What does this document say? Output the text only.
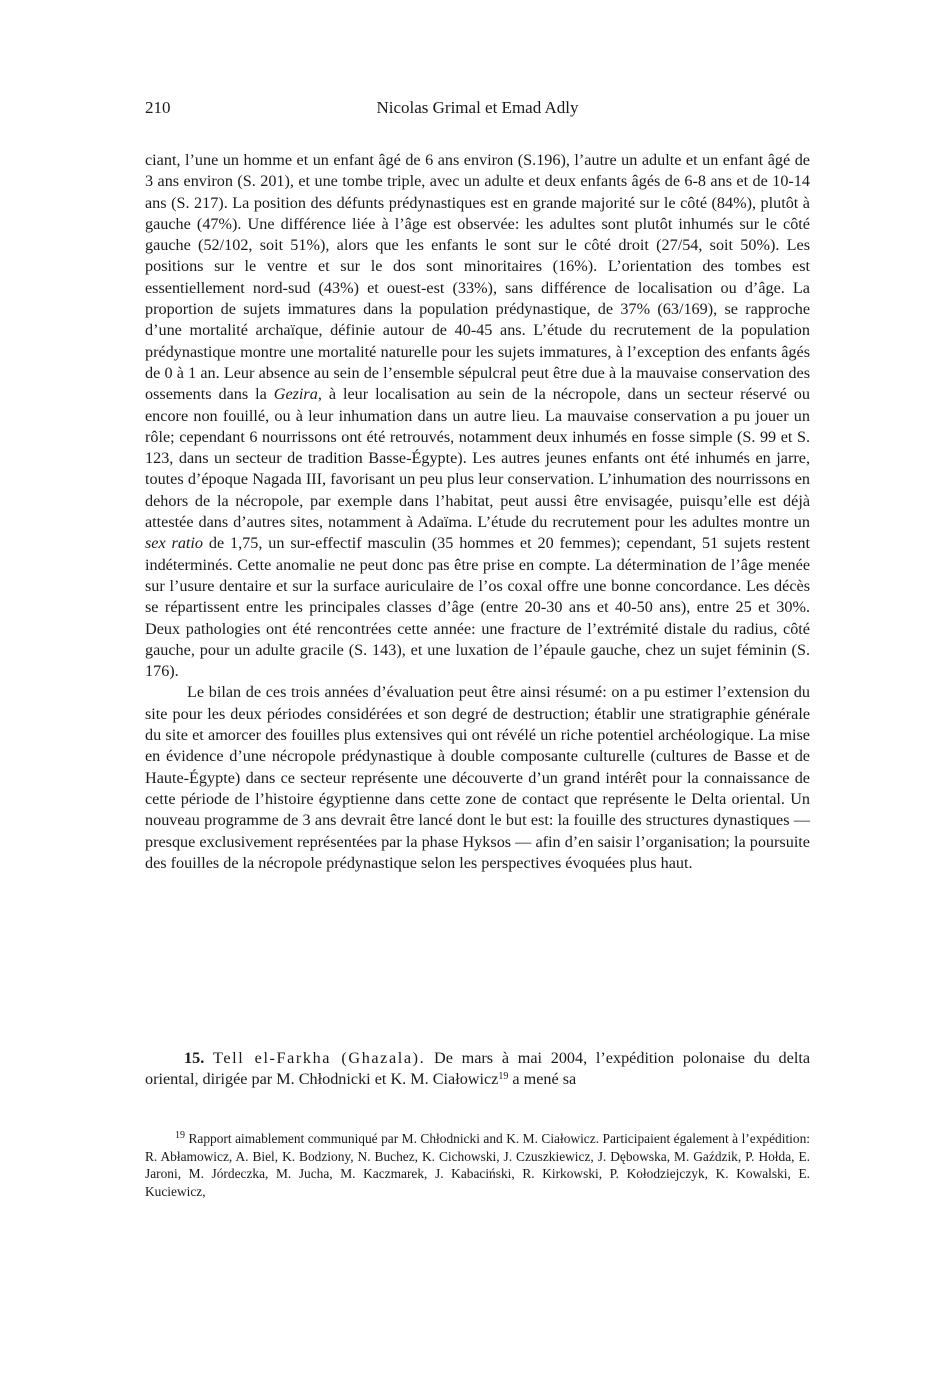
210	Nicolas Grimal et Emad Adly

ciant, l’une un homme et un enfant âgé de 6 ans environ (S.196), l’autre un adulte et un enfant âgé de 3 ans environ (S. 201), et une tombe triple, avec un adulte et deux enfants âgés de 6-8 ans et de 10-14 ans (S. 217). La position des défunts prédynastiques est en grande majorité sur le côté (84%), plutôt à gauche (47%). Une différence liée à l’âge est observée: les adultes sont plutôt inhumés sur le côté gauche (52/102, soit 51%), alors que les enfants le sont sur le côté droit (27/54, soit 50%). Les positions sur le ventre et sur le dos sont minoritaires (16%). L’orientation des tombes est essentiellement nord-sud (43%) et ouest-est (33%), sans différence de localisation ou d’âge. La proportion de sujets immatures dans la population prédynastique, de 37% (63/169), se rapproche d’une mortalité archaïque, définie autour de 40-45 ans. L’étude du recrutement de la population prédynastique montre une mortalité naturelle pour les sujets immatures, à l’exception des enfants âgés de 0 à 1 an. Leur absence au sein de l’ensemble sépulcral peut être due à la mauvaise conservation des ossements dans la Gezira, à leur localisation au sein de la nécropole, dans un secteur réservé ou encore non fouillé, ou à leur inhumation dans un autre lieu. La mauvaise conservation a pu jouer un rôle; cependant 6 nourrissons ont été retrouvés, notamment deux inhumés en fosse simple (S. 99 et S. 123, dans un secteur de tradition Basse-Égypte). Les autres jeunes enfants ont été inhumés en jarre, toutes d’époque Nagada III, favorisant un peu plus leur conservation. L’inhumation des nourrissons en dehors de la nécropole, par exemple dans l’habitat, peut aussi être envisagée, puisqu’elle est déjà attestée dans d’autres sites, notamment à Adaïma. L’étude du recrutement pour les adultes montre un sex ratio de 1,75, un sur-effectif masculin (35 hommes et 20 femmes); cependant, 51 sujets restent indéterminés. Cette anomalie ne peut donc pas être prise en compte. La détermination de l’âge menée sur l’usure dentaire et sur la surface auriculaire de l’os coxal offre une bonne concordance. Les décès se répartissent entre les principales classes d’âge (entre 20-30 ans et 40-50 ans), entre 25 et 30%. Deux pathologies ont été rencontrées cette année: une fracture de l’extrémité distale du radius, côté gauche, pour un adulte gracile (S. 143), et une luxation de l’épaule gauche, chez un sujet féminin (S. 176).

Le bilan de ces trois années d’évaluation peut être ainsi résumé: on a pu estimer l’extension du site pour les deux périodes considérées et son degré de destruction; établir une stratigraphie générale du site et amorcer des fouilles plus extensives qui ont révélé un riche potentiel archéologique. La mise en évidence d’une nécropole prédynastique à double composante culturelle (cultures de Basse et de Haute-Égypte) dans ce secteur représente une découverte d’un grand intérêt pour la connaissance de cette période de l’histoire égyptienne dans cette zone de contact que représente le Delta oriental. Un nouveau programme de 3 ans devrait être lancé dont le but est: la fouille des structures dynastiques — presque exclusivement représentées par la phase Hyksos — afin d’en saisir l’organisation; la poursuite des fouilles de la nécropole prédynastique selon les perspectives évoquées plus haut.

15. Tell el-Farkha (Ghazala). De mars à mai 2004, l’expédition polonaise du delta oriental, dirigée par M. Chłodnicki et K. M. Ciałowicz$^{19}$ a mené sa

$^{19}$ Rapport aimablement communiqué par M. Chłodnicki and K. M. Ciałowicz. Participaient également à l’expédition: R. Abłamowicz, A. Biel, K. Bodziony, N. Buchez, K. Cichowski, J. Czuszkiewicz, J. Dębowska, M. Gaździk, P. Hołda, E. Jaroni, M. Jórdeczka, M. Jucha, M. Kaczmarek, J. Kabaciński, R. Kirkowski, P. Kołodziejczyk, K. Kowalski, E. Kuciewicz,
